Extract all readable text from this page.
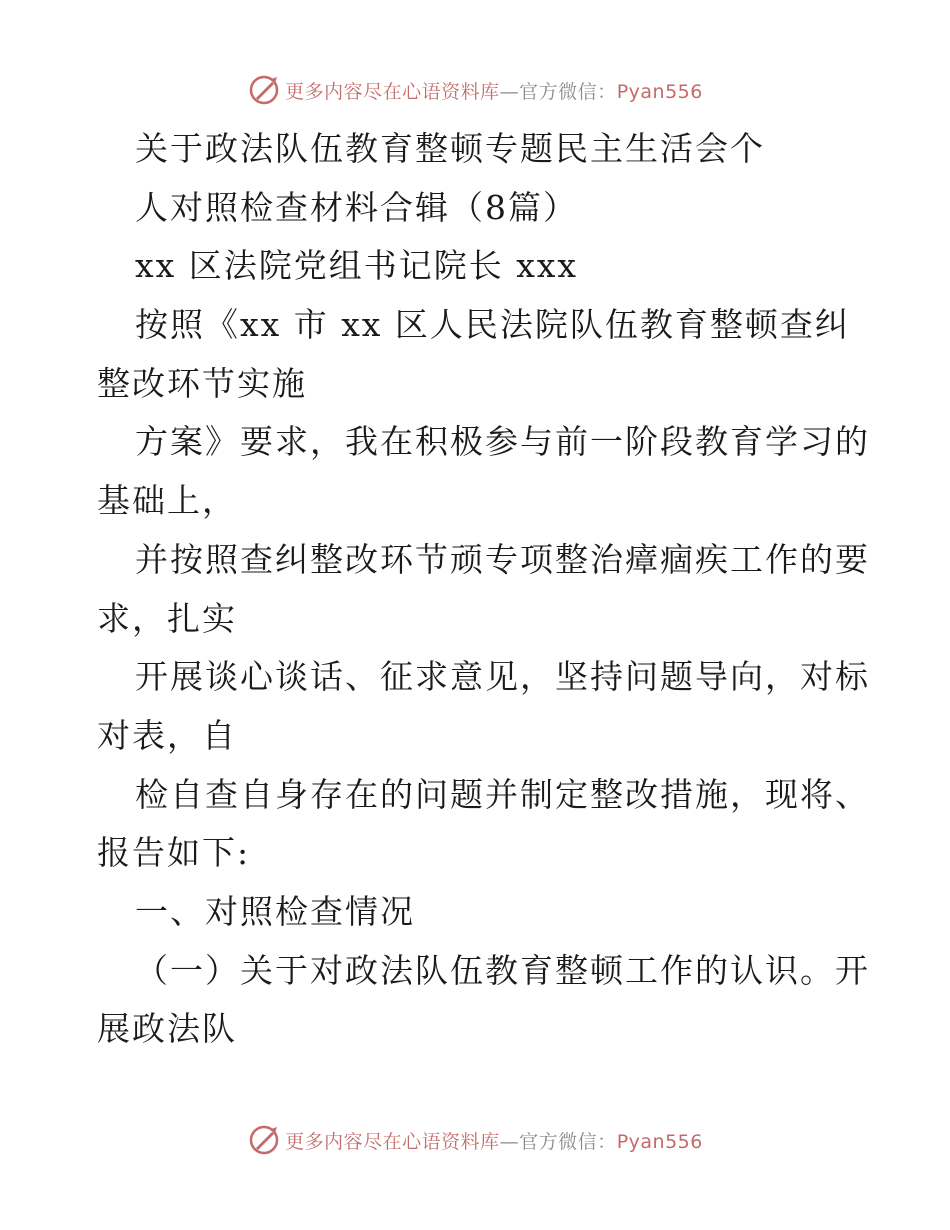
更多内容尽在心语资料库—官方微信：Pyan556
关于政法队伍教育整顿专题民主生活会个
人对照检查材料合辑（8篇）
xx 区法院党组书记院长 xxx
按照《xx 市 xx 区人民法院队伍教育整顿查纠
整改环节实施
方案》要求，我在积极参与前一阶段教育学习的
基础上，
并按照查纠整改环节顽专项整治瘴痼疾工作的要
求，扎实
开展谈心谈话、征求意见，坚持问题导向，对标
对表，自
检自查自身存在的问题并制定整改措施，现将、
报告如下:
一、对照检查情况
（一）关于对政法队伍教育整顿工作的认识。开
展政法队
更多内容尽在心语资料库—官方微信：Pyan556
